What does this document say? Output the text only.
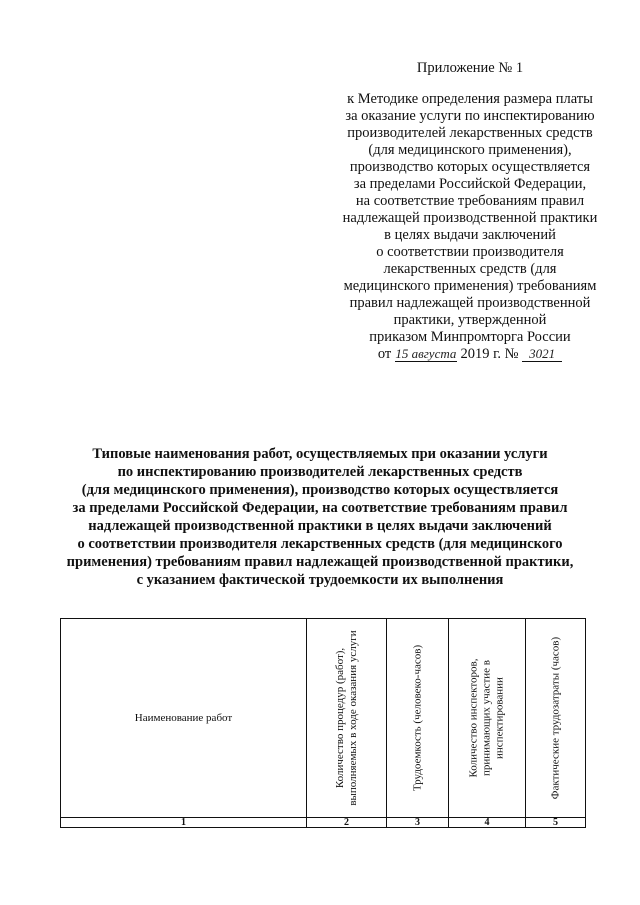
Приложение № 1
к Методике определения размера платы
за оказание услуги по инспектированию
производителей лекарственных средств
(для медицинского применения),
производство которых осуществляется
за пределами Российской Федерации,
на соответствие требованиям правил
надлежащей производственной практики
в целях выдачи заключений
о соответствии производителя
лекарственных средств (для
медицинского применения) требованиям
правил надлежащей производственной
практики, утвержденной
приказом Минпромторга России
от 15 августа 2019 г. № 3021
Типовые наименования работ, осуществляемых при оказании услуги
по инспектированию производителей лекарственных средств
(для медицинского применения), производство которых осуществляется
за пределами Российской Федерации, на соответствие требованиям правил
надлежащей производственной практики в целях выдачи заключений
о соответствии производителя лекарственных средств (для медицинского
применения) требованиям правил надлежащей производственной практики,
с указанием фактической трудоемкости их выполнения
Наименование работ	Количество процедур (работ), выполняемых в ходе оказания услуги	Трудоемкость (человеко-часов)	Количество инспекторов, принимающих участие в инспектировании	Фактические трудозатраты (часов)

1	2	3	4	5
